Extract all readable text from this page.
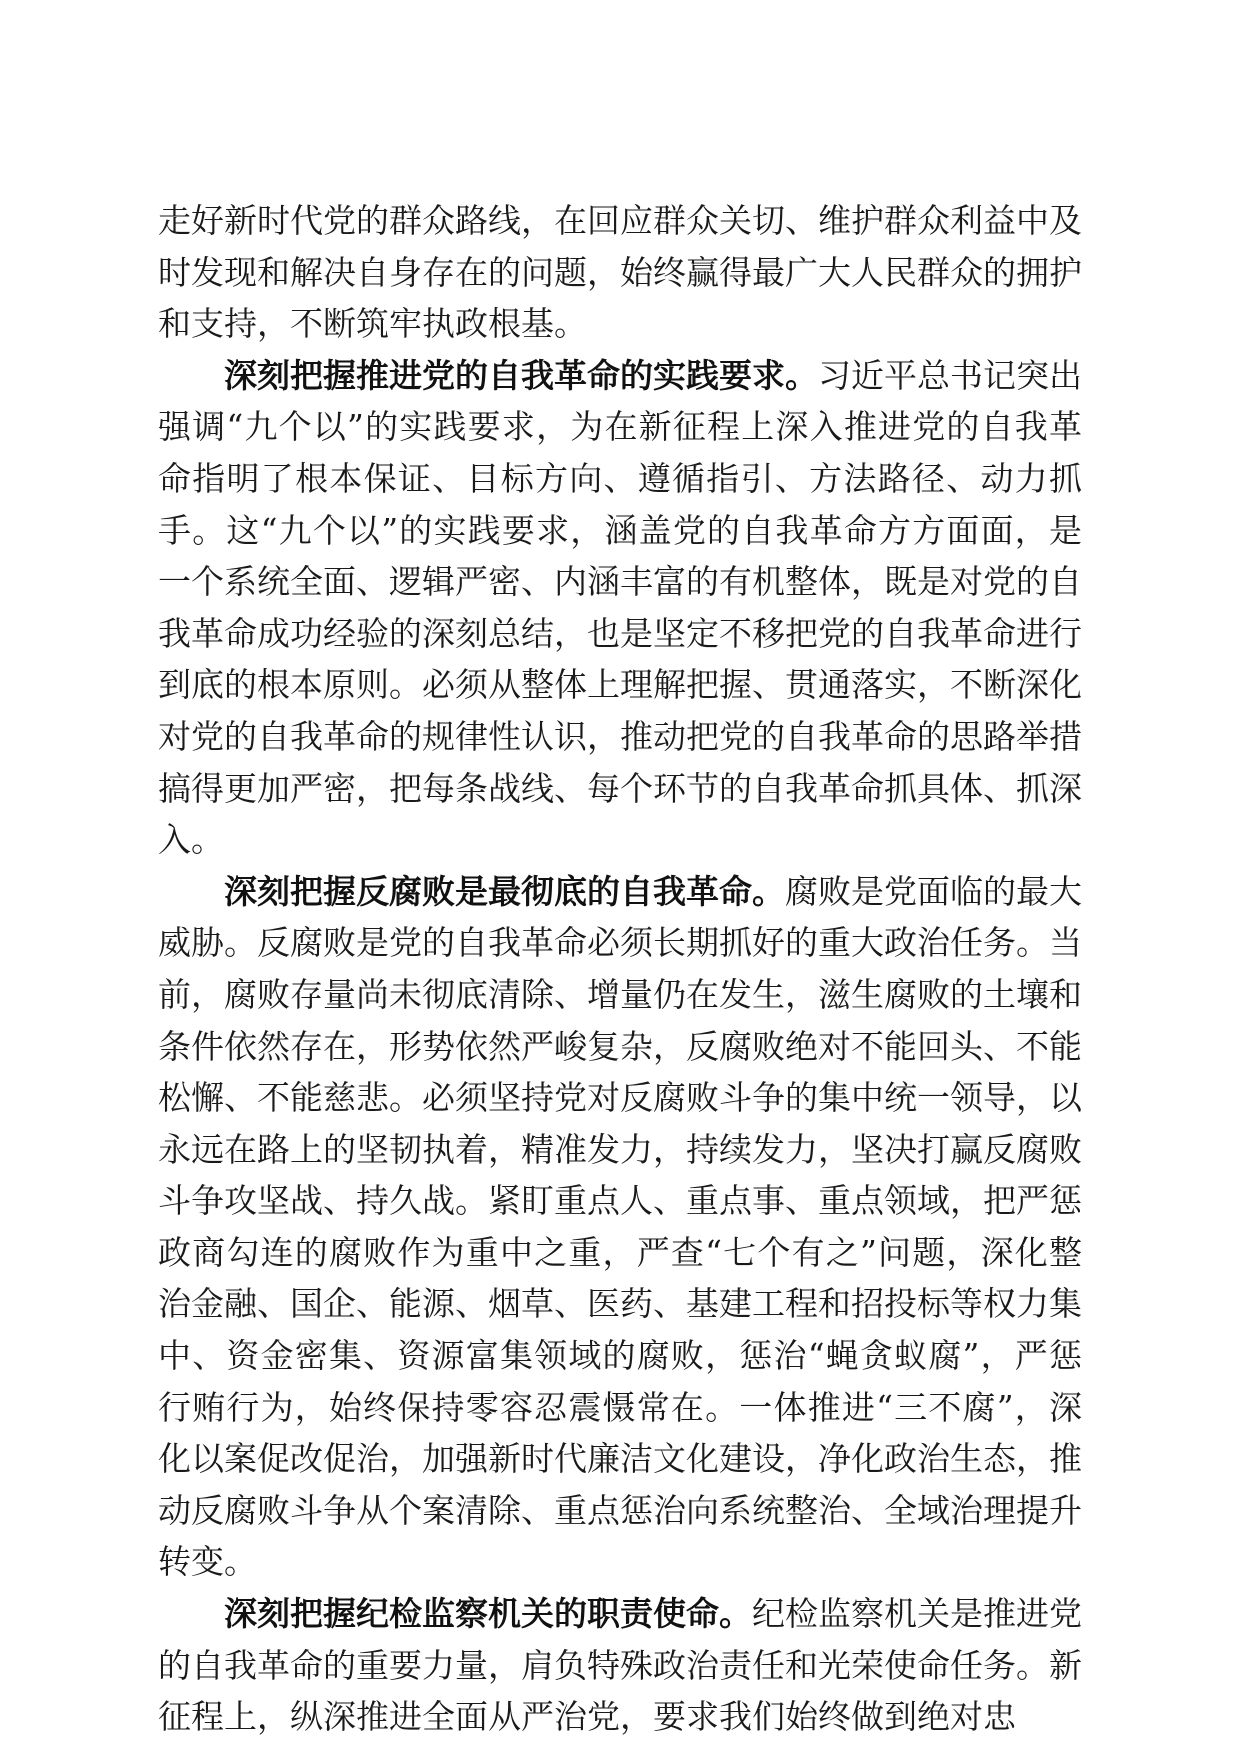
走好新时代党的群众路线，在回应群众关切、维护群众利益中及时发现和解决自身存在的问题，始终赢得最广大人民群众的拥护和支持，不断筑牢执政根基。

深刻把握推进党的自我革命的实践要求。习近平总书记突出强调“九个以”的实践要求，为在新征程上深入推进党的自我革命指明了根本保证、目标方向、遵循指引、方法路径、动力抓手。这“九个以”的实践要求，涵盖党的自我革命方方面面，是一个系统全面、逻辑严密、内涵丰富的有机整体，既是对党的自我革命成功经验的深刻总结，也是坚定不移把党的自我革命进行到底的根本原则。必须从整体上理解把握、贯通落实，不断深化对党的自我革命的规律性认识，推动把党的自我革命的思路举措搞得更加严密，把每条战线、每个环节的自我革命抓具体、抓深入。

深刻把握反腐败是最彻底的自我革命。腐败是党面临的最大威胁。反腐败是党的自我革命必须长期抓好的重大政治任务。当前，腐败存量尚未彻底清除、增量仍在发生，滋生腐败的土壤和条件依然存在，形势依然严峻复杂，反腐败绝对不能回头、不能松懈、不能慈悲。必须坚持党对反腐败斗争的集中统一领导，以永远在路上的坚韧执着，精准发力，持续发力，坚决打赢反腐败斗争攻坚战、持久战。紧盯重点人、重点事、重点领域，把严惩政商勾连的腐败作为重中之重，严查“七个有之”问题，深化整治金融、国企、能源、烟草、医药、基建工程和招投标等权力集中、资金密集、资源富集领域的腐败，惩治“蝇贪蚁腐”，严惩行贿行为，始终保持零容忍震慑常在。一体推进“三不腐”，深化以案促改促治，加强新时代廉洁文化建设，净化政治生态，推动反腐败斗争从个案清除、重点惩治向系统整治、全域治理提升转变。

深刻把握纪检监察机关的职责使命。纪检监察机关是推进党的自我革命的重要力量，肩负特殊政治责任和光荣使命任务。新征程上，纵深推进全面从严治党，要求我们始终做到绝对忠
